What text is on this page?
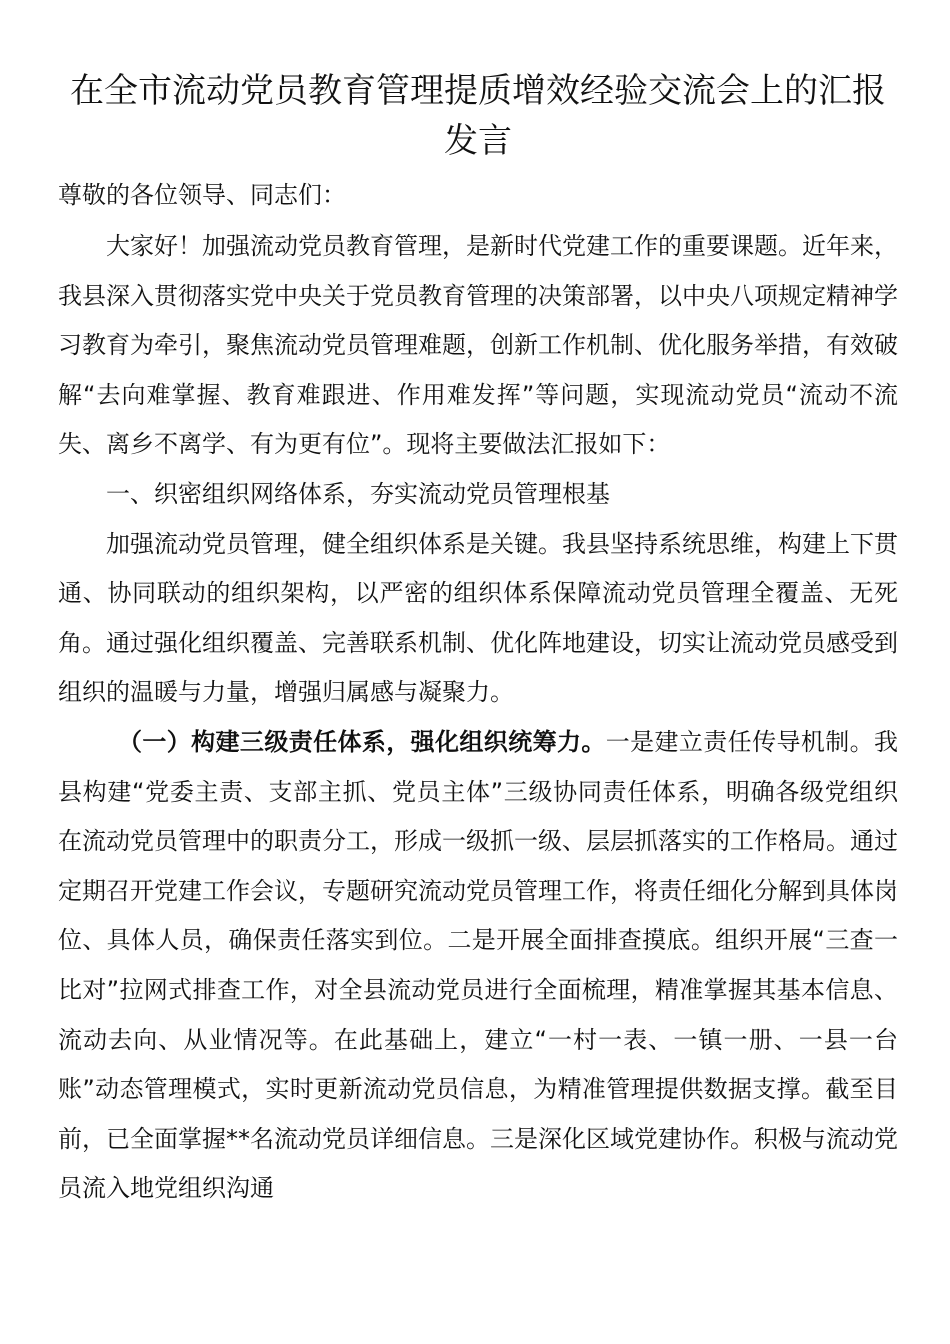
在全市流动党员教育管理提质增效经验交流会上的汇报发言

尊敬的各位领导、同志们：

大家好！加强流动党员教育管理，是新时代党建工作的重要课题。近年来，我县深入贯彻落实党中央关于党员教育管理的决策部署，以中央八项规定精神学习教育为牵引，聚焦流动党员管理难题，创新工作机制、优化服务举措，有效破解“去向难掌握、教育难跟进、作用难发挥”等问题，实现流动党员“流动不流失、离乡不离学、有为更有位”。现将主要做法汇报如下：

一、织密组织网络体系，夯实流动党员管理根基

加强流动党员管理，健全组织体系是关键。我县坚持系统思维，构建上下贯通、协同联动的组织架构，以严密的组织体系保障流动党员管理全覆盖、无死角。通过强化组织覆盖、完善联系机制、优化阵地建设，切实让流动党员感受到组织的温暖与力量，增强归属感与凝聚力。

（一）构建三级责任体系，强化组织统筹力。一是建立责任传导机制。我县构建“党委主责、支部主抓、党员主体”三级协同责任体系，明确各级党组织在流动党员管理中的职责分工，形成一级抓一级、层层抓落实的工作格局。通过定期召开党建工作会议，专题研究流动党员管理工作，将责任细化分解到具体岗位、具体人员，确保责任落实到位。二是开展全面排查摸底。组织开展“三查一比对”拉网式排查工作，对全县流动党员进行全面梳理，精准掌握其基本信息、流动去向、从业情况等。在此基础上，建立“一村一表、一镇一册、一县一台账”动态管理模式，实时更新流动党员信息，为精准管理提供数据支撑。截至目前，已全面掌握**名流动党员详细信息。三是深化区域党建协作。积极与流动党员流入地党组织沟通
